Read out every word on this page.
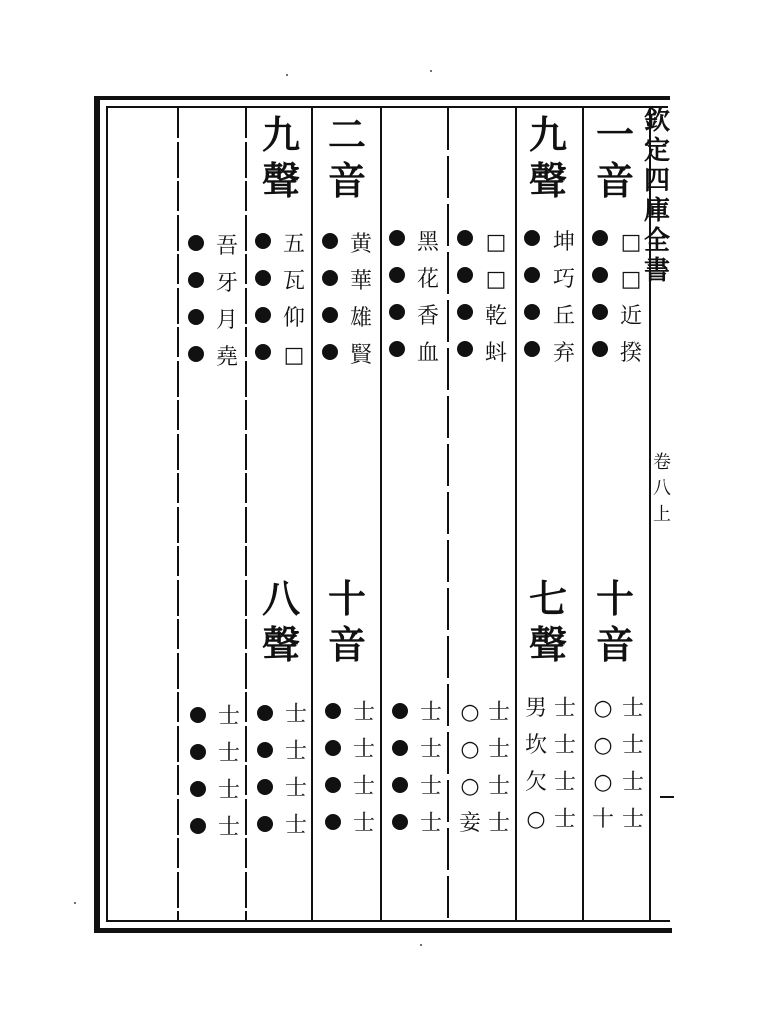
欽
定
四
庫
全
書
卷
八
上
一
音
九
聲
二
音
九
聲
十
音
七
聲
十
音
八
聲
□
□
近
揆
坤
巧
丘
弃
□
□
乾
蚪
黑
花
香
血
黄
華
雄
賢
五
瓦
仰
□
吾
牙
月
堯
士
士
士
士
○
○
○
十
士
士
士
士
男
坎
欠
○
士
士
士
士
○
○
○
妾
士
士
士
士
士
士
士
士
士
士
士
士
士
士
士
士
